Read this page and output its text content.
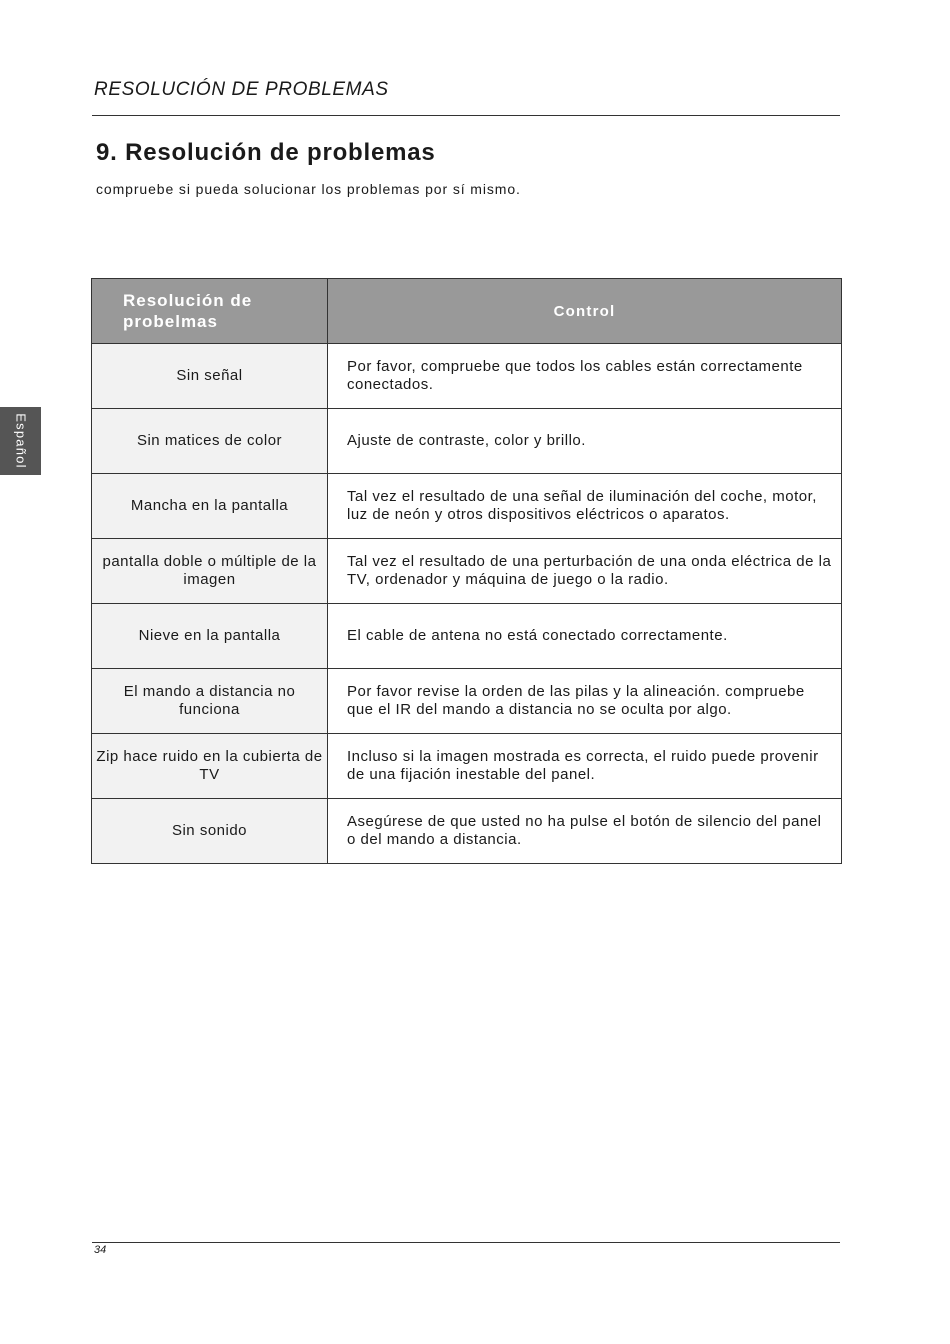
RESOLUCIÓN DE PROBLEMAS
9. Resolución de problemas

compruebe si pueda solucionar los problemas por sí mismo.

Español
Resolución de probelmas	Control
Sin señal	Por favor, compruebe que todos los cables están correctamente conectados.
Sin matices de color	Ajuste de contraste, color y brillo.
Mancha en la pantalla	Tal vez el resultado de una señal de iluminación del coche, motor, luz de neón y otros dispositivos eléctricos o aparatos.
pantalla doble o múltiple de la imagen	Tal vez el resultado de una perturbación de una onda eléctrica de la TV, ordenador y máquina de juego o la radio.
Nieve en la pantalla	El cable de antena no está conectado correctamente.
El mando a distancia no funciona	Por favor revise la orden de las pilas y la alineación. compruebe que el IR del mando a distancia no se oculta por algo.
Zip hace ruido en la cubierta de TV	Incluso si la imagen mostrada es correcta, el ruido puede provenir de una fijación inestable del panel.
Sin sonido	Asegúrese de que usted no ha pulse el botón de silencio del panel o del mando a distancia.
34
